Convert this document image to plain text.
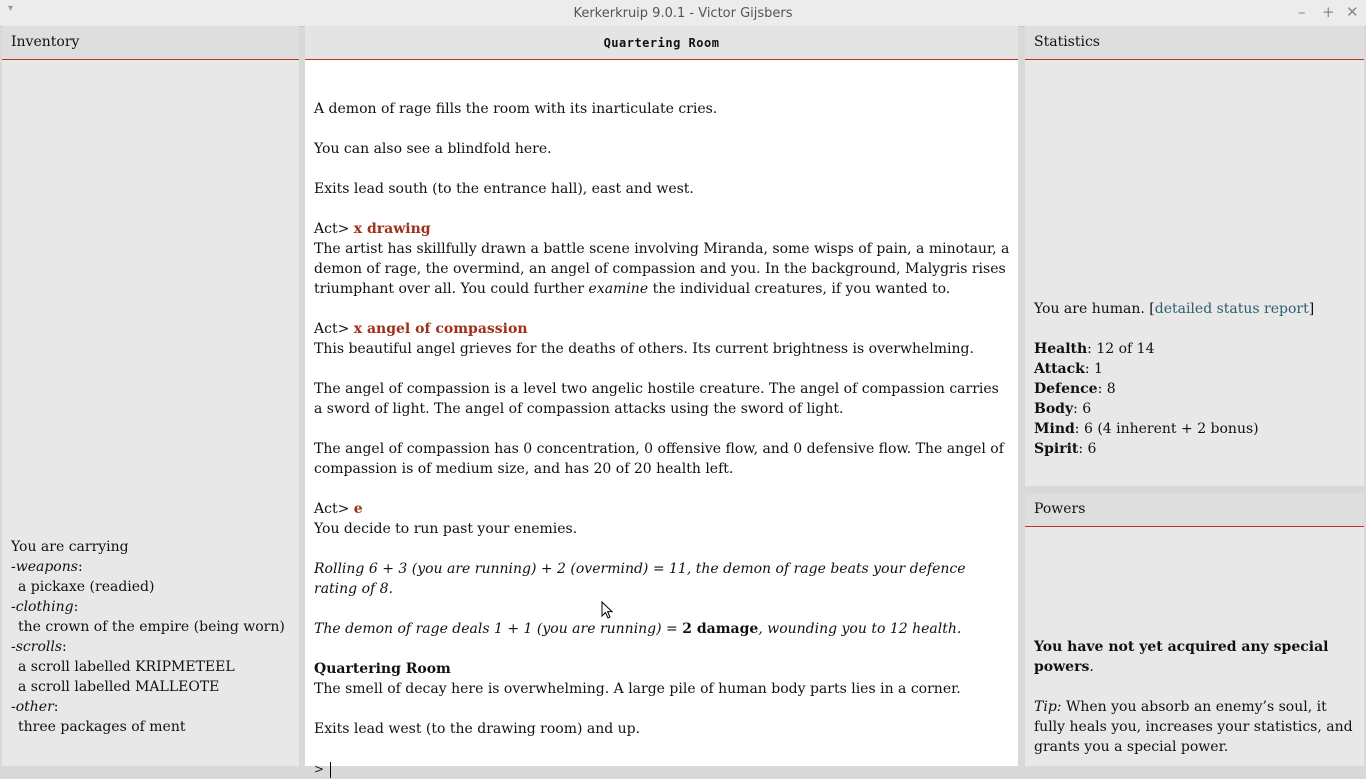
▾	Kerkerkruip 9.0.1 - Victor Gijsbers	– + ✕
Inventory
You are carrying
-weapons:
a pickaxe (readied)
-clothing:
the crown of the empire (being worn)
-scrolls:
a scroll labelled KRIPMETEEL
a scroll labelled MALLEOTE
-other:
three packages of ment
Quartering Room
A demon of rage fills the room with its inarticulate cries.
You can also see a blindfold here.
Exits lead south (to the entrance hall), east and west.
Act> x drawing
The artist has skillfully drawn a battle scene involving Miranda, some wisps of pain, a minotaur, a demon of rage, the overmind, an angel of compassion and you. In the background, Malygris rises triumphant over all. You could further examine the individual creatures, if you wanted to.
Act> x angel of compassion
This beautiful angel grieves for the deaths of others. Its current brightness is overwhelming.
The angel of compassion is a level two angelic hostile creature. The angel of compassion carries a sword of light. The angel of compassion attacks using the sword of light.
The angel of compassion has 0 concentration, 0 offensive flow, and 0 defensive flow. The angel of compassion is of medium size, and has 20 of 20 health left.
Act> e
You decide to run past your enemies.
Rolling 6 + 3 (you are running) + 2 (overmind) = 11, the demon of rage beats your defence rating of 8.
The demon of rage deals 1 + 1 (you are running) = 2 damage, wounding you to 12 health.
Quartering Room
The smell of decay here is overwhelming. A large pile of human body parts lies in a corner.
Exits lead west (to the drawing room) and up.
>
Statistics
You are human. [detailed status report]
Health: 12 of 14
Attack: 1
Defence: 8
Body: 6
Mind: 6 (4 inherent + 2 bonus)
Spirit: 6
Powers
You have not yet acquired any special powers.
Tip: When you absorb an enemy’s soul, it fully heals you, increases your statistics, and grants you a special power.
